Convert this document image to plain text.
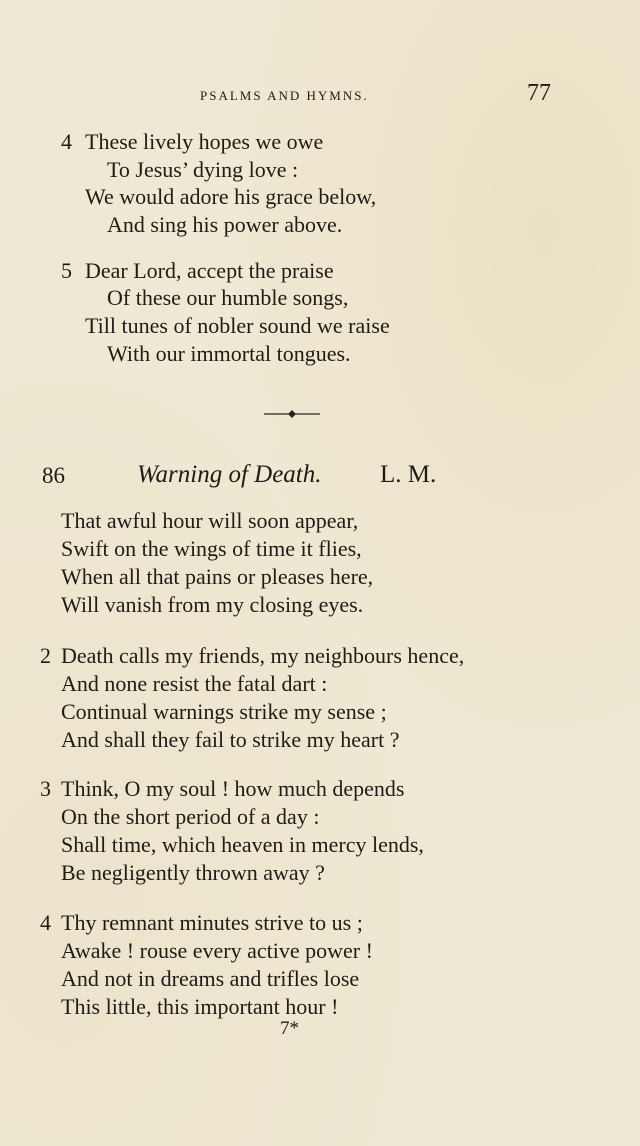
PSALMS AND HYMNS.	77
4 These lively hopes we owe
To Jesus’ dying love :
We would adore his grace below,
And sing his power above.
5 Dear Lord, accept the praise
Of these our humble songs,
Till tunes of nobler sound we raise
With our immortal tongues.
86	Warning of Death. L. M.
That awful hour will soon appear,
Swift on the wings of time it flies,
When all that pains or pleases here,
Will vanish from my closing eyes.
2 Death calls my friends, my neighbours hence,
And none resist the fatal dart :
Continual warnings strike my sense ;
And shall they fail to strike my heart ?
3 Think, O my soul ! how much depends
On the short period of a day :
Shall time, which heaven in mercy lends,
Be negligently thrown away ?
4 Thy remnant minutes strive to us ;
Awake ! rouse every active power !
And not in dreams and trifles lose
This little, this important hour !
7*
